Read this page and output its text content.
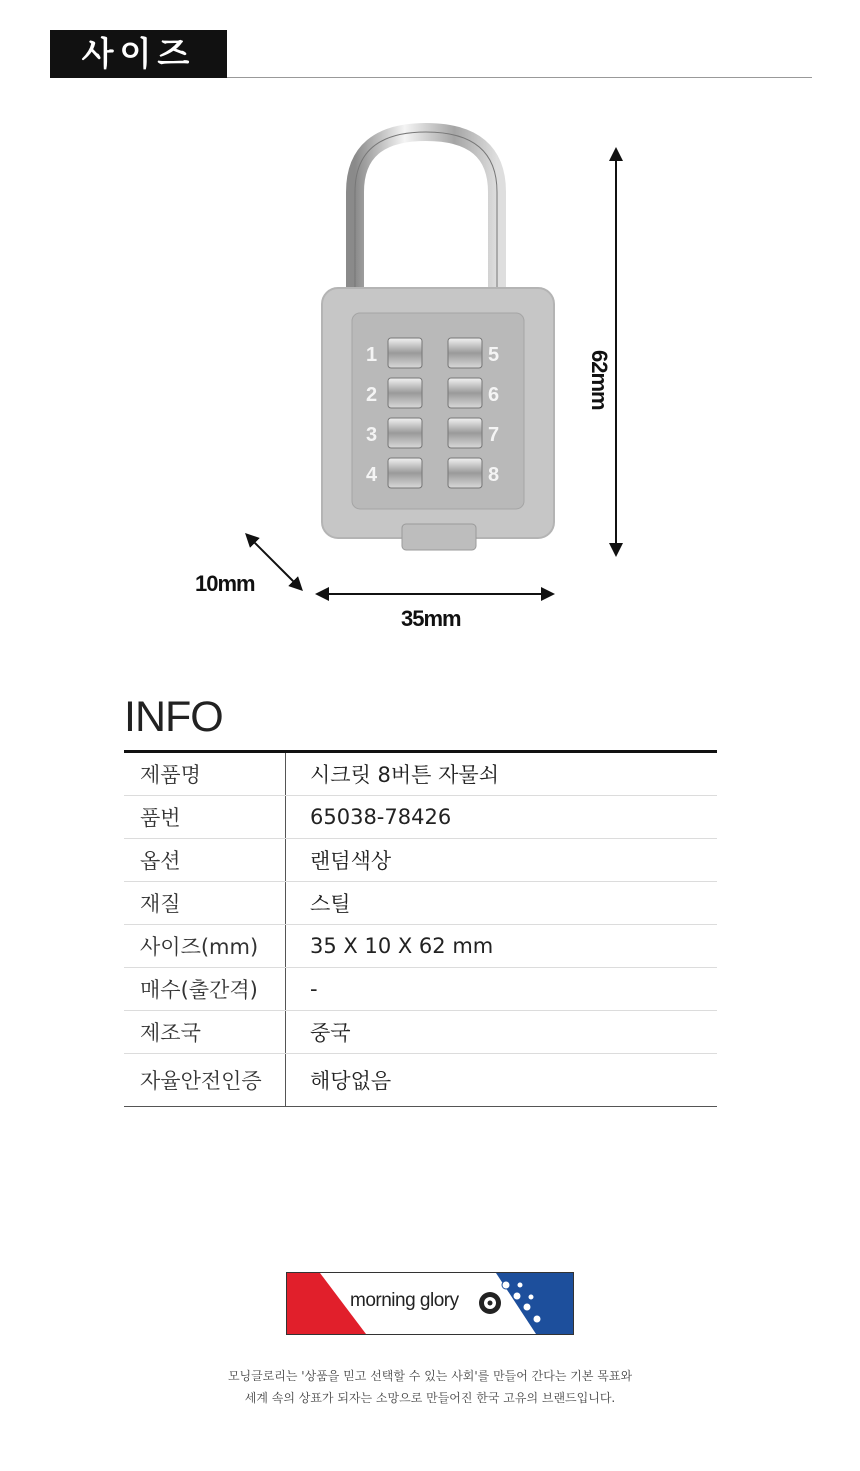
사이즈
1
2
3
4
5
6
7
8
62mm
10mm
35mm
INFO
제품명	시크릿 8버튼 자물쇠
품번	65038-78426
옵션	랜덤색상
재질	스틸
사이즈(mm)	35 X 10 X 62 mm
매수(출간격)	-
제조국	중국
자율안전인증	해당없음
morning glory
모닝글로리는 '상품을 믿고 선택할 수 있는 사회'를 만들어 간다는 기본 목표와
세계 속의 상표가 되자는 소망으로 만들어진 한국 고유의 브랜드입니다.
